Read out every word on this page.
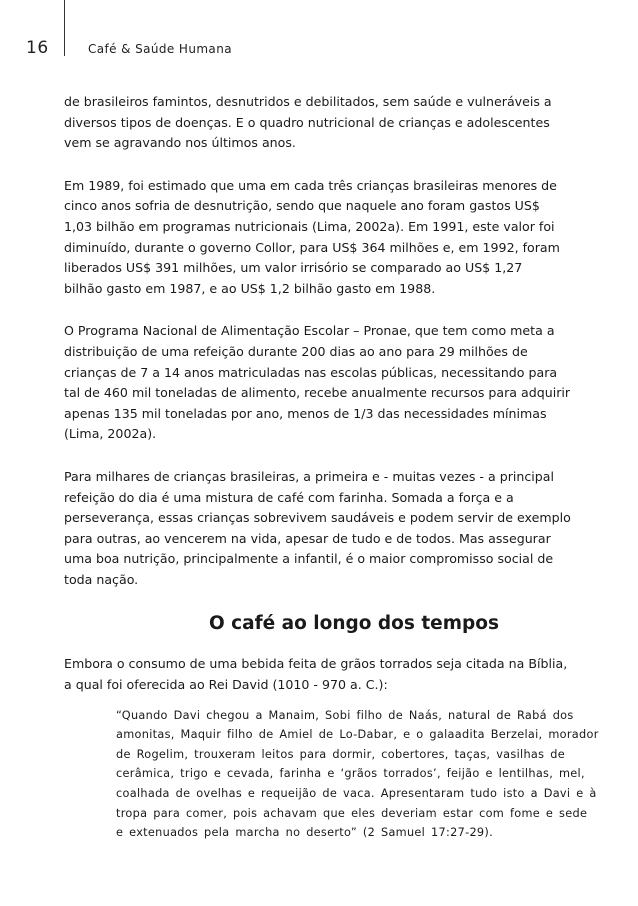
16	Café & Saúde Humana

de brasileiros famintos, desnutridos e debilitados, sem saúde e vulneráveis a
diversos tipos de doenças. E o quadro nutricional de crianças e adolescentes
vem se agravando nos últimos anos.

Em 1989, foi estimado que uma em cada três crianças brasileiras menores de
cinco anos sofria de desnutrição, sendo que naquele ano foram gastos US$
1,03 bilhão em programas nutricionais (Lima, 2002a). Em 1991, este valor foi
diminuído, durante o governo Collor, para US$ 364 milhões e, em 1992, foram
liberados US$ 391 milhões, um valor irrisório se comparado ao US$ 1,27
bilhão gasto em 1987, e ao US$ 1,2 bilhão gasto em 1988.

O Programa Nacional de Alimentação Escolar – Pronae, que tem como meta a
distribuição de uma refeição durante 200 dias ao ano para 29 milhões de
crianças de 7 a 14 anos matriculadas nas escolas públicas, necessitando para
tal de 460 mil toneladas de alimento, recebe anualmente recursos para adquirir
apenas 135 mil toneladas por ano, menos de 1/3 das necessidades mínimas
(Lima, 2002a).

Para milhares de crianças brasileiras, a primeira e - muitas vezes - a principal
refeição do dia é uma mistura de café com farinha. Somada a força e a
perseverança, essas crianças sobrevivem saudáveis e podem servir de exemplo
para outras, ao vencerem na vida, apesar de tudo e de todos. Mas assegurar
uma boa nutrição, principalmente a infantil, é o maior compromisso social de
toda nação.

O café ao longo dos tempos

Embora o consumo de uma bebida feita de grãos torrados seja citada na Bíblia,
a qual foi oferecida ao Rei David (1010 - 970 a. C.):

“Quando Davi chegou a Manaim, Sobi filho de Naás, natural de Rabá dos
amonitas, Maquir filho de Amiel de Lo-Dabar, e o galaadita Berzelai, morador
de Rogelim, trouxeram leitos para dormir, cobertores, taças, vasilhas de
cerâmica, trigo e cevada, farinha e ‘grãos torrados’, feijão e lentilhas, mel,
coalhada de ovelhas e requeijão de vaca. Apresentaram tudo isto a Davi e à
tropa para comer, pois achavam que eles deveriam estar com fome e sede
e extenuados pela marcha no deserto” (2 Samuel 17:27-29).
